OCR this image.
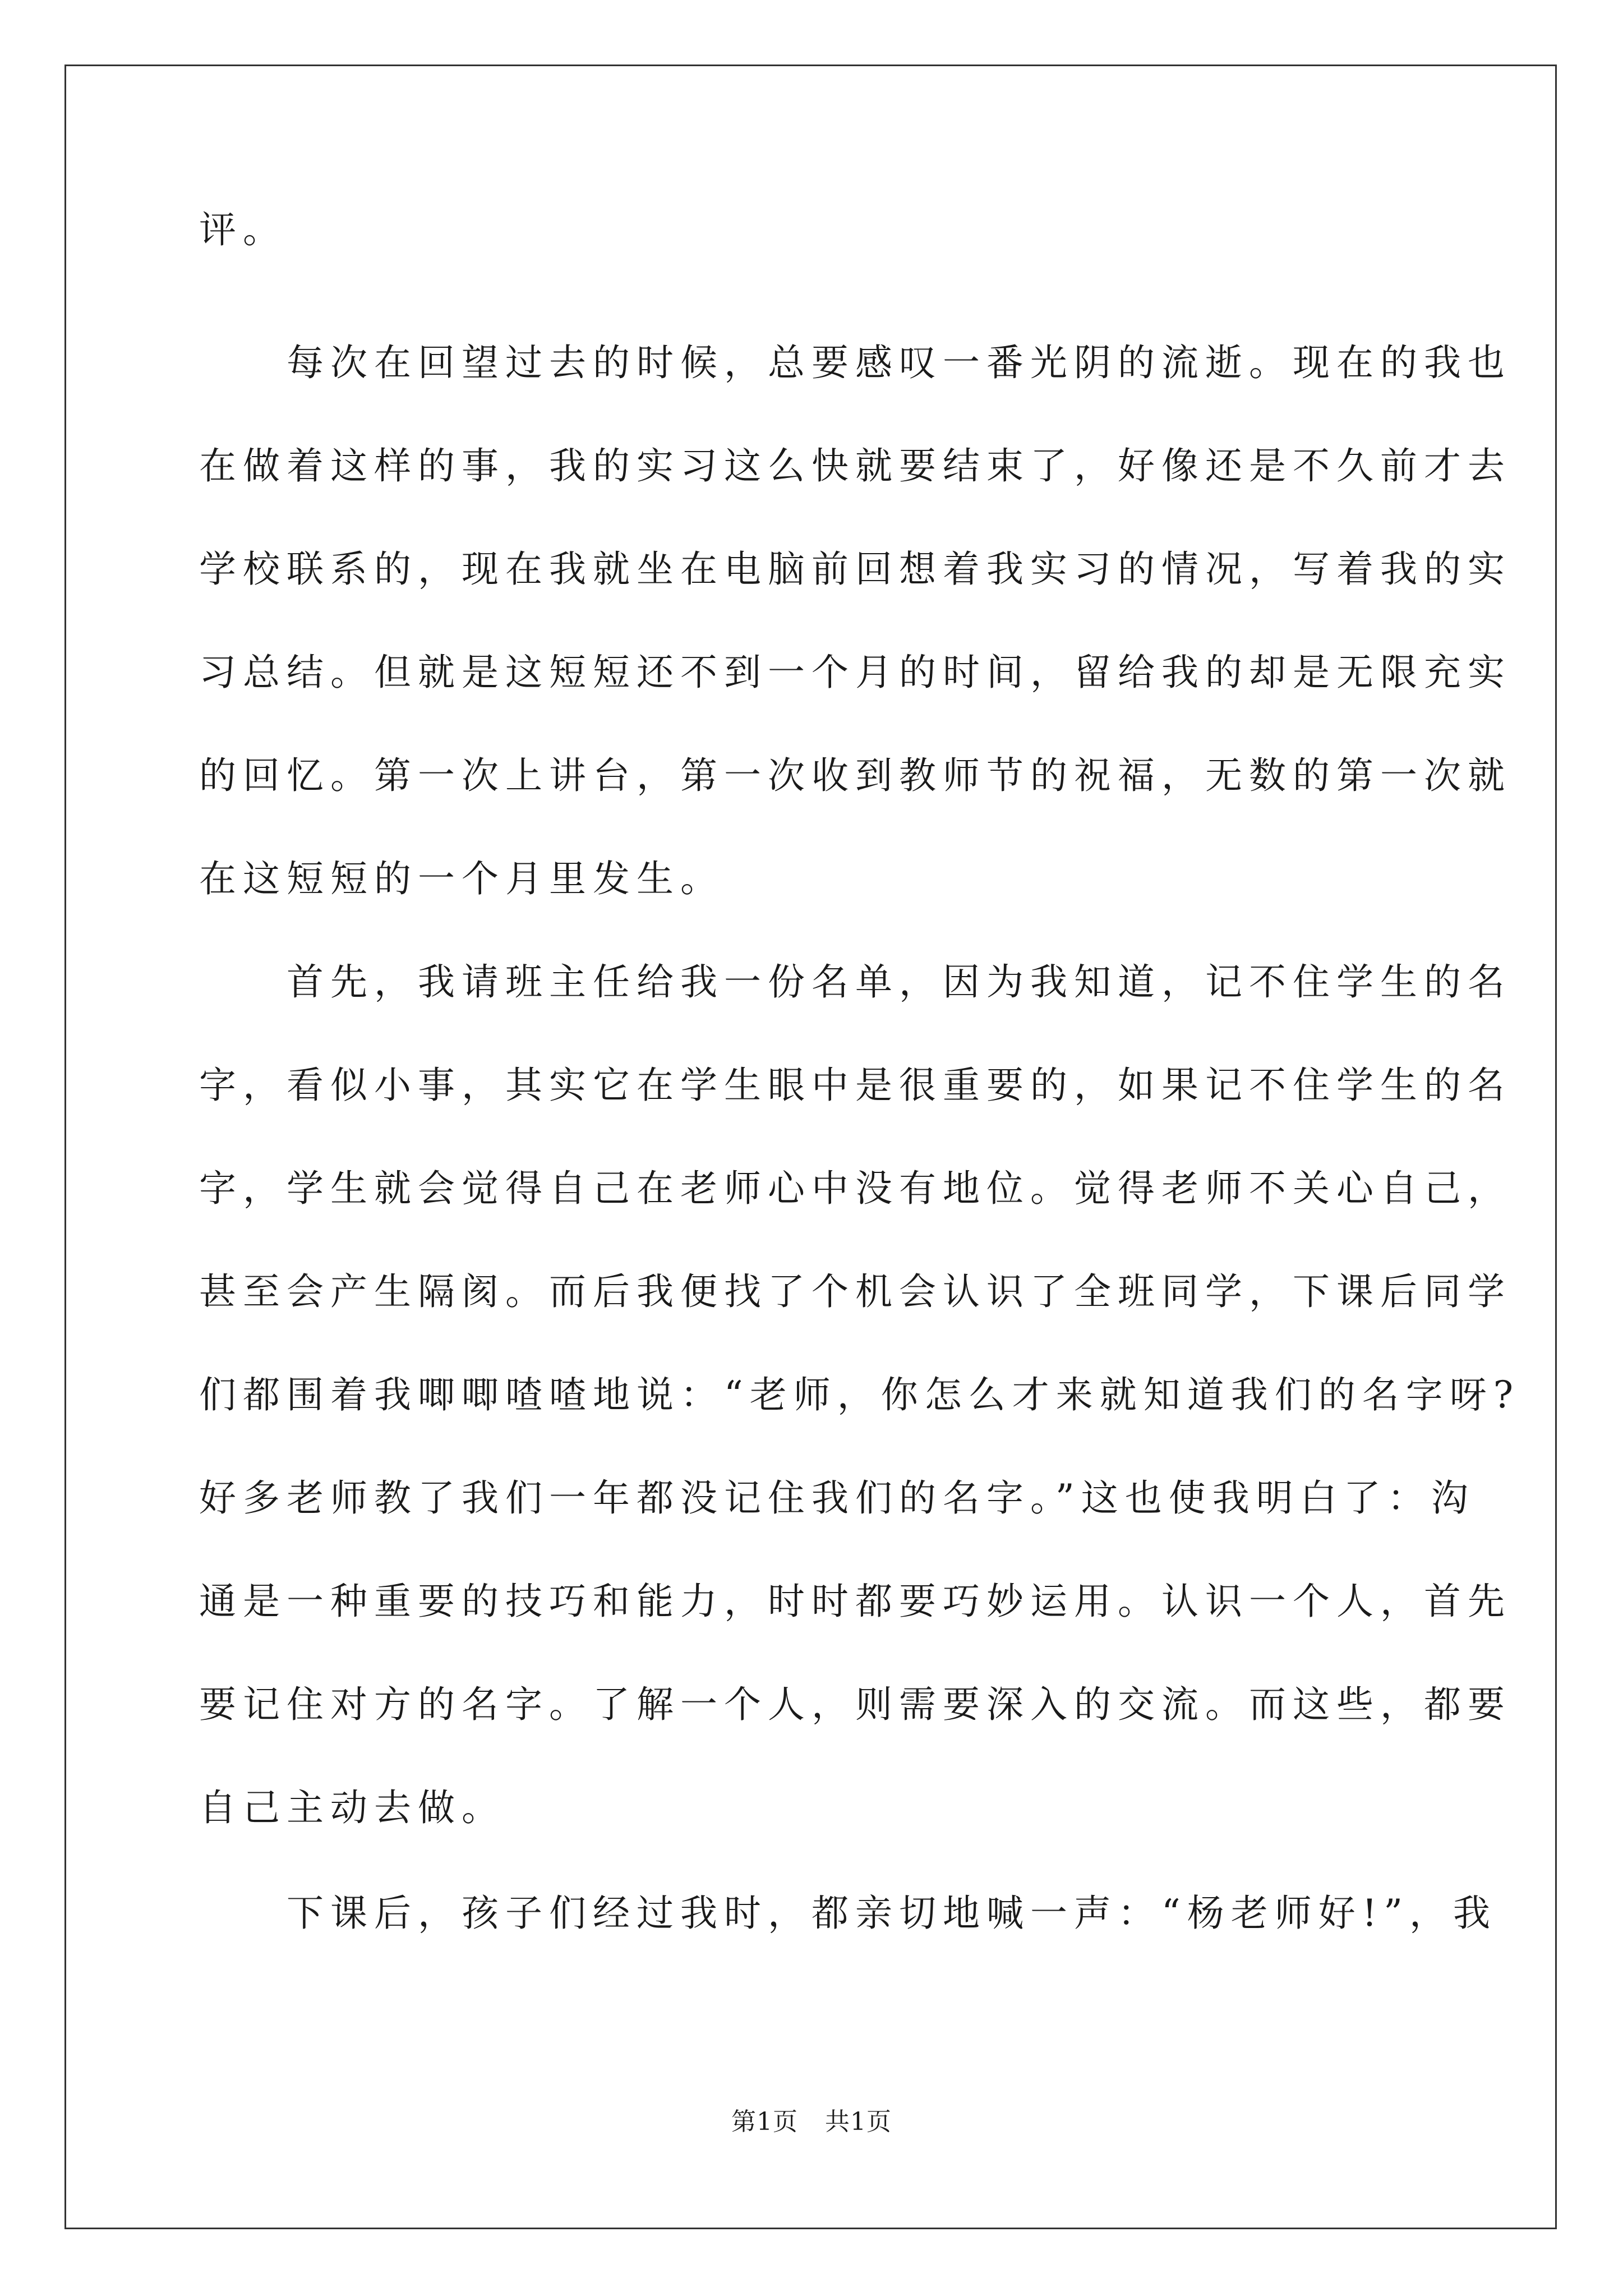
评。
　　每次在回望过去的时候，总要感叹一番光阴的流逝。现在的我也
在做着这样的事，我的实习这么快就要结束了，好像还是不久前才去
学校联系的，现在我就坐在电脑前回想着我实习的情况，写着我的实
习总结。但就是这短短还不到一个月的时间，留给我的却是无限充实
的回忆。第一次上讲台，第一次收到教师节的祝福，无数的第一次就
在这短短的一个月里发生。
　　首先，我请班主任给我一份名单，因为我知道，记不住学生的名
字，看似小事，其实它在学生眼中是很重要的，如果记不住学生的名
字，学生就会觉得自己在老师心中没有地位。觉得老师不关心自己，
甚至会产生隔阂。而后我便找了个机会认识了全班同学，下课后同学
们都围着我唧唧喳喳地说：“老师，你怎么才来就知道我们的名字呀?
好多老师教了我们一年都没记住我们的名字。”这也使我明白了：沟
通是一种重要的技巧和能力，时时都要巧妙运用。认识一个人，首先
要记住对方的名字。了解一个人，则需要深入的交流。而这些，都要
自己主动去做。
　　下课后，孩子们经过我时，都亲切地喊一声：“杨老师好!”，我
第1页 共1页
